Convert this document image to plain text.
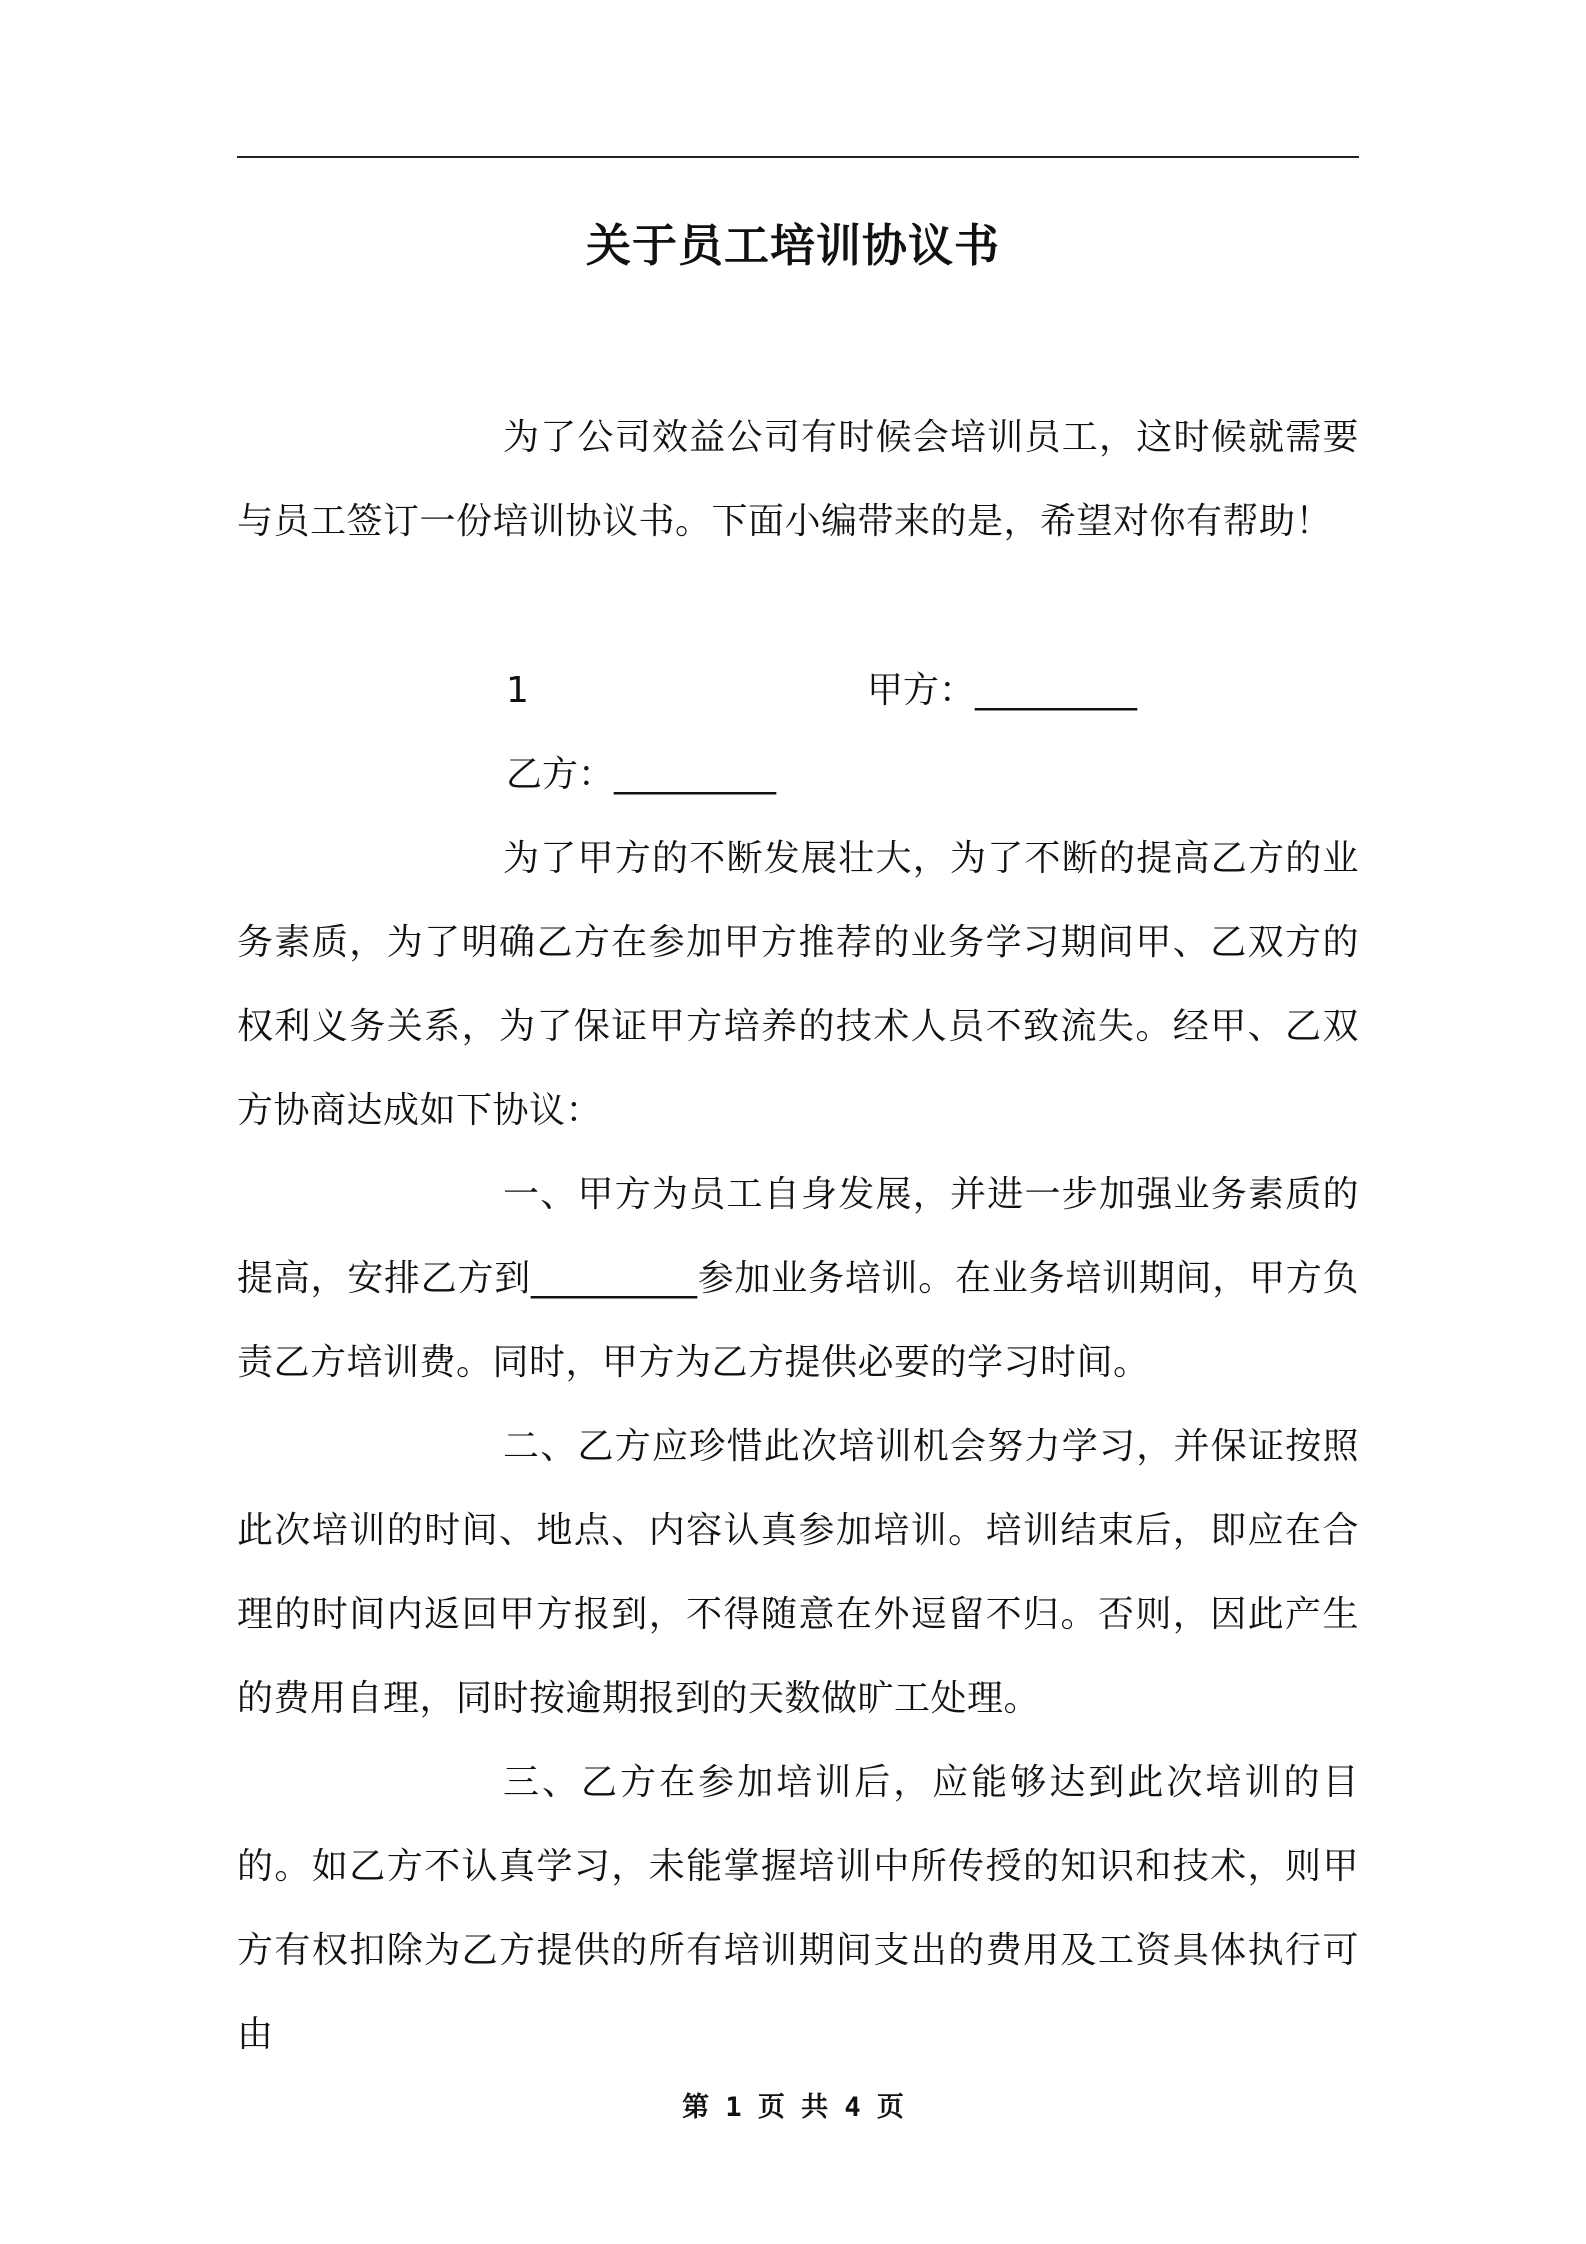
关于员工培训协议书

为了公司效益公司有时候会培训员工，这时候就需要与员工签订一份培训协议书。下面小编带来的是，希望对你有帮助！

1	甲方：_________
乙方：_________

为了甲方的不断发展壮大，为了不断的提高乙方的业务素质，为了明确乙方在参加甲方推荐的业务学习期间甲、乙双方的权利义务关系，为了保证甲方培养的技术人员不致流失。经甲、乙双方协商达成如下协议：

一、甲方为员工自身发展，并进一步加强业务素质的提高，安排乙方到_________参加业务培训。在业务培训期间，甲方负责乙方培训费。同时，甲方为乙方提供必要的学习时间。

二、乙方应珍惜此次培训机会努力学习，并保证按照此次培训的时间、地点、内容认真参加培训。培训结束后，即应在合理的时间内返回甲方报到，不得随意在外逗留不归。否则，因此产生的费用自理，同时按逾期报到的天数做旷工处理。

三、乙方在参加培训后，应能够达到此次培训的目的。如乙方不认真学习，未能掌握培训中所传授的知识和技术，则甲方有权扣除为乙方提供的所有培训期间支出的费用及工资具体执行可由

第 1 页 共 4 页
